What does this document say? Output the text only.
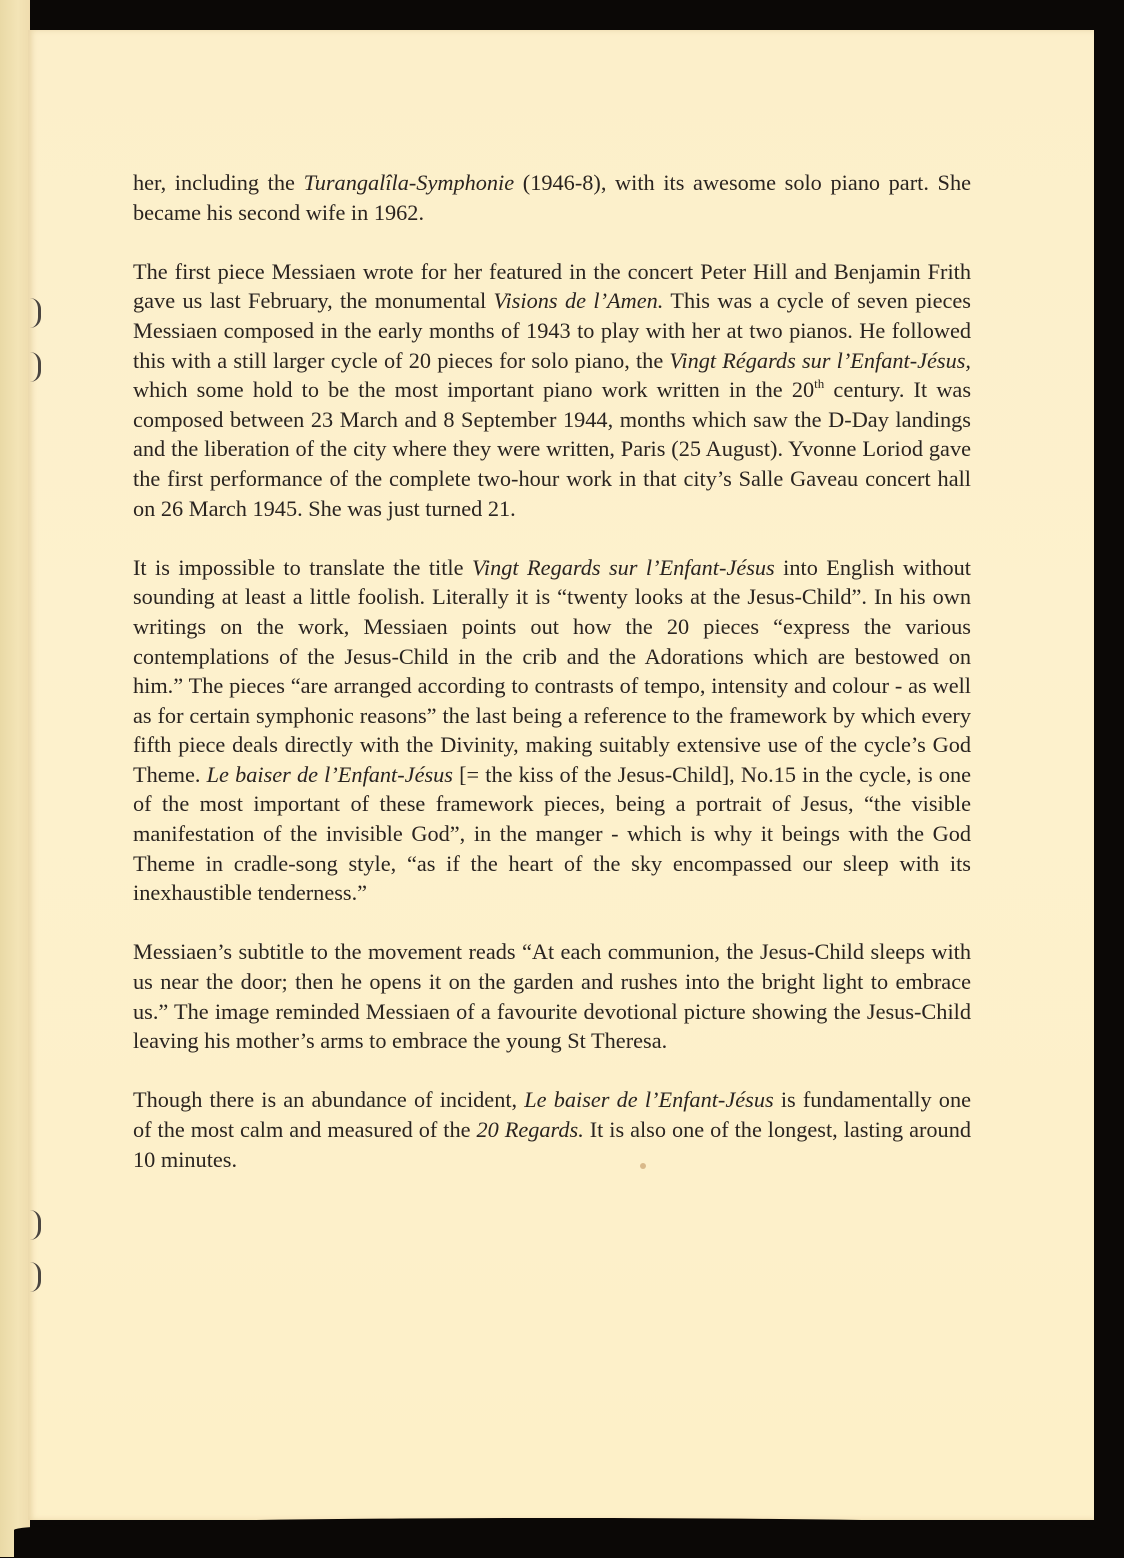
her, including the Turangalîla-Symphonie (1946-8), with its awesome solo piano part. She became his second wife in 1962.

The first piece Messiaen wrote for her featured in the concert Peter Hill and Benjamin Frith gave us last February, the monumental Visions de l’Amen. This was a cycle of seven pieces Messiaen composed in the early months of 1943 to play with her at two pianos. He followed this with a still larger cycle of 20 pieces for solo piano, the Vingt Régards sur l’Enfant-Jésus, which some hold to be the most important piano work written in the 20th century. It was composed between 23 March and 8 September 1944, months which saw the D-Day landings and the liberation of the city where they were written, Paris (25 August). Yvonne Loriod gave the first performance of the complete two-hour work in that city’s Salle Gaveau concert hall on 26 March 1945. She was just turned 21.

It is impossible to translate the title Vingt Regards sur l’Enfant-Jésus into English without sounding at least a little foolish. Literally it is “twenty looks at the Jesus-Child”. In his own writings on the work, Messiaen points out how the 20 pieces “express the various contemplations of the Jesus-Child in the crib and the Adorations which are bestowed on him.” The pieces “are arranged according to contrasts of tempo, intensity and colour - as well as for certain symphonic reasons” the last being a reference to the framework by which every fifth piece deals directly with the Divinity, making suitably extensive use of the cycle’s God Theme. Le baiser de l’Enfant-Jésus [= the kiss of the Jesus-Child], No.15 in the cycle, is one of the most important of these framework pieces, being a portrait of Jesus, “the visible manifestation of the invisible God”, in the manger - which is why it beings with the God Theme in cradle-song style, “as if the heart of the sky encompassed our sleep with its inexhaustible tenderness.”

Messiaen’s subtitle to the movement reads “At each communion, the Jesus-Child sleeps with us near the door; then he opens it on the garden and rushes into the bright light to embrace us.” The image reminded Messiaen of a favourite devotional picture showing the Jesus-Child leaving his mother’s arms to embrace the young St Theresa.

Though there is an abundance of incident, Le baiser de l’Enfant-Jésus is fundamentally one of the most calm and measured of the 20 Regards. It is also one of the longest, lasting around 10 minutes.
